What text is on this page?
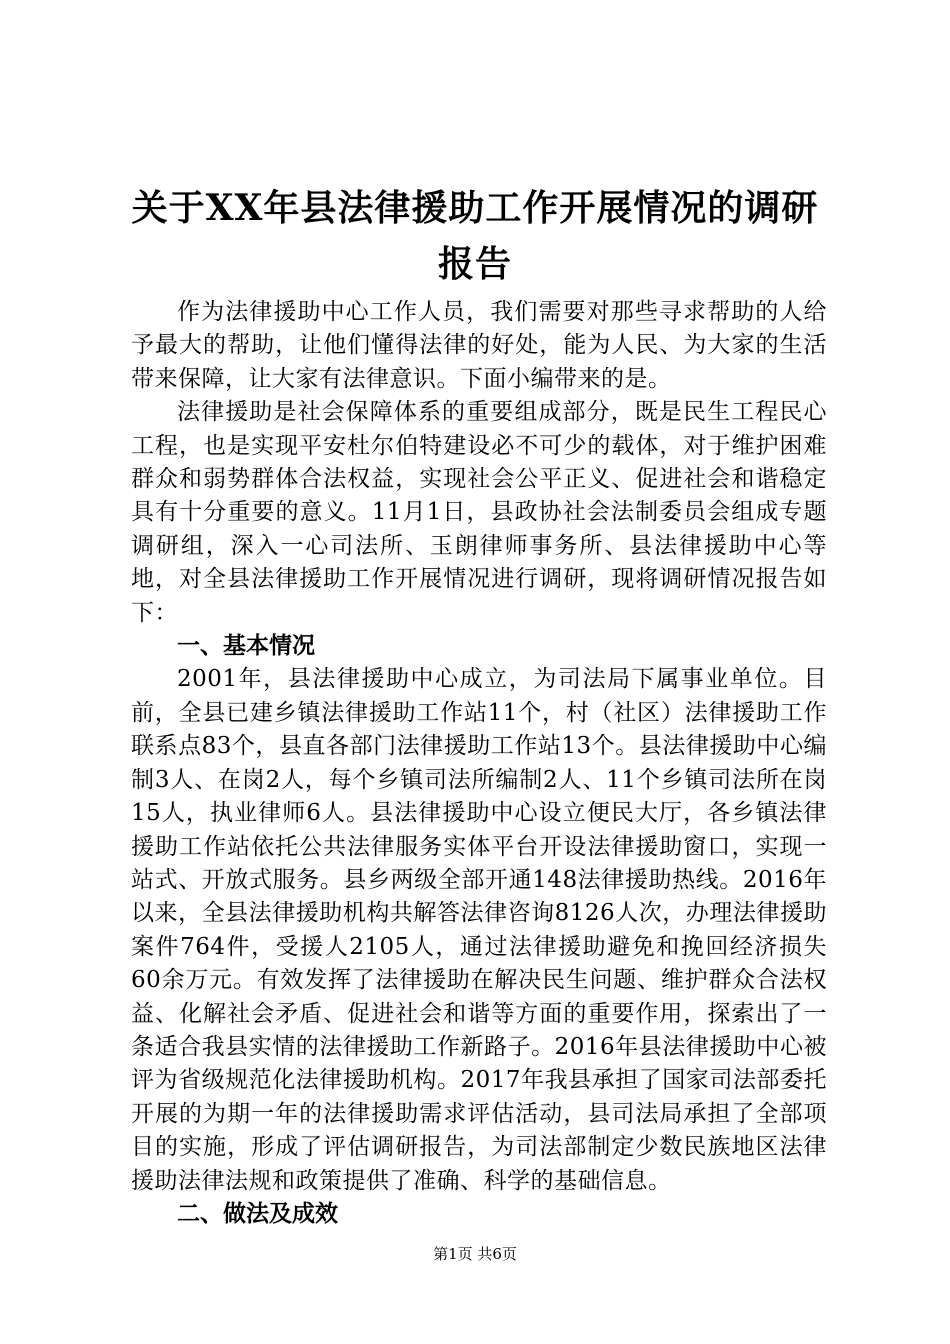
关于XX年县法律援助工作开展情况的调研报告

作为法律援助中心工作人员，我们需要对那些寻求帮助的人给予最大的帮助，让他们懂得法律的好处，能为人民、为大家的生活带来保障，让大家有法律意识。下面小编带来的是。

法律援助是社会保障体系的重要组成部分，既是民生工程民心工程，也是实现平安杜尔伯特建设必不可少的载体，对于维护困难群众和弱势群体合法权益，实现社会公平正义、促进社会和谐稳定具有十分重要的意义。11月1日，县政协社会法制委员会组成专题调研组，深入一心司法所、玉朗律师事务所、县法律援助中心等地，对全县法律援助工作开展情况进行调研，现将调研情况报告如下：

一、基本情况

2001年，县法律援助中心成立，为司法局下属事业单位。目前，全县已建乡镇法律援助工作站11个，村（社区）法律援助工作联系点83个，县直各部门法律援助工作站13个。县法律援助中心编制3人、在岗2人，每个乡镇司法所编制2人、11个乡镇司法所在岗15人，执业律师6人。县法律援助中心设立便民大厅，各乡镇法律援助工作站依托公共法律服务实体平台开设法律援助窗口，实现一站式、开放式服务。县乡两级全部开通148法律援助热线。2016年以来，全县法律援助机构共解答法律咨询8126人次，办理法律援助案件764件，受援人2105人，通过法律援助避免和挽回经济损失60余万元。有效发挥了法律援助在解决民生问题、维护群众合法权益、化解社会矛盾、促进社会和谐等方面的重要作用，探索出了一条适合我县实情的法律援助工作新路子。2016年县法律援助中心被评为省级规范化法律援助机构。2017年我县承担了国家司法部委托开展的为期一年的法律援助需求评估活动，县司法局承担了全部项目的实施，形成了评估调研报告，为司法部制定少数民族地区法律援助法律法规和政策提供了准确、科学的基础信息。

二、做法及成效

第1页 共6页
